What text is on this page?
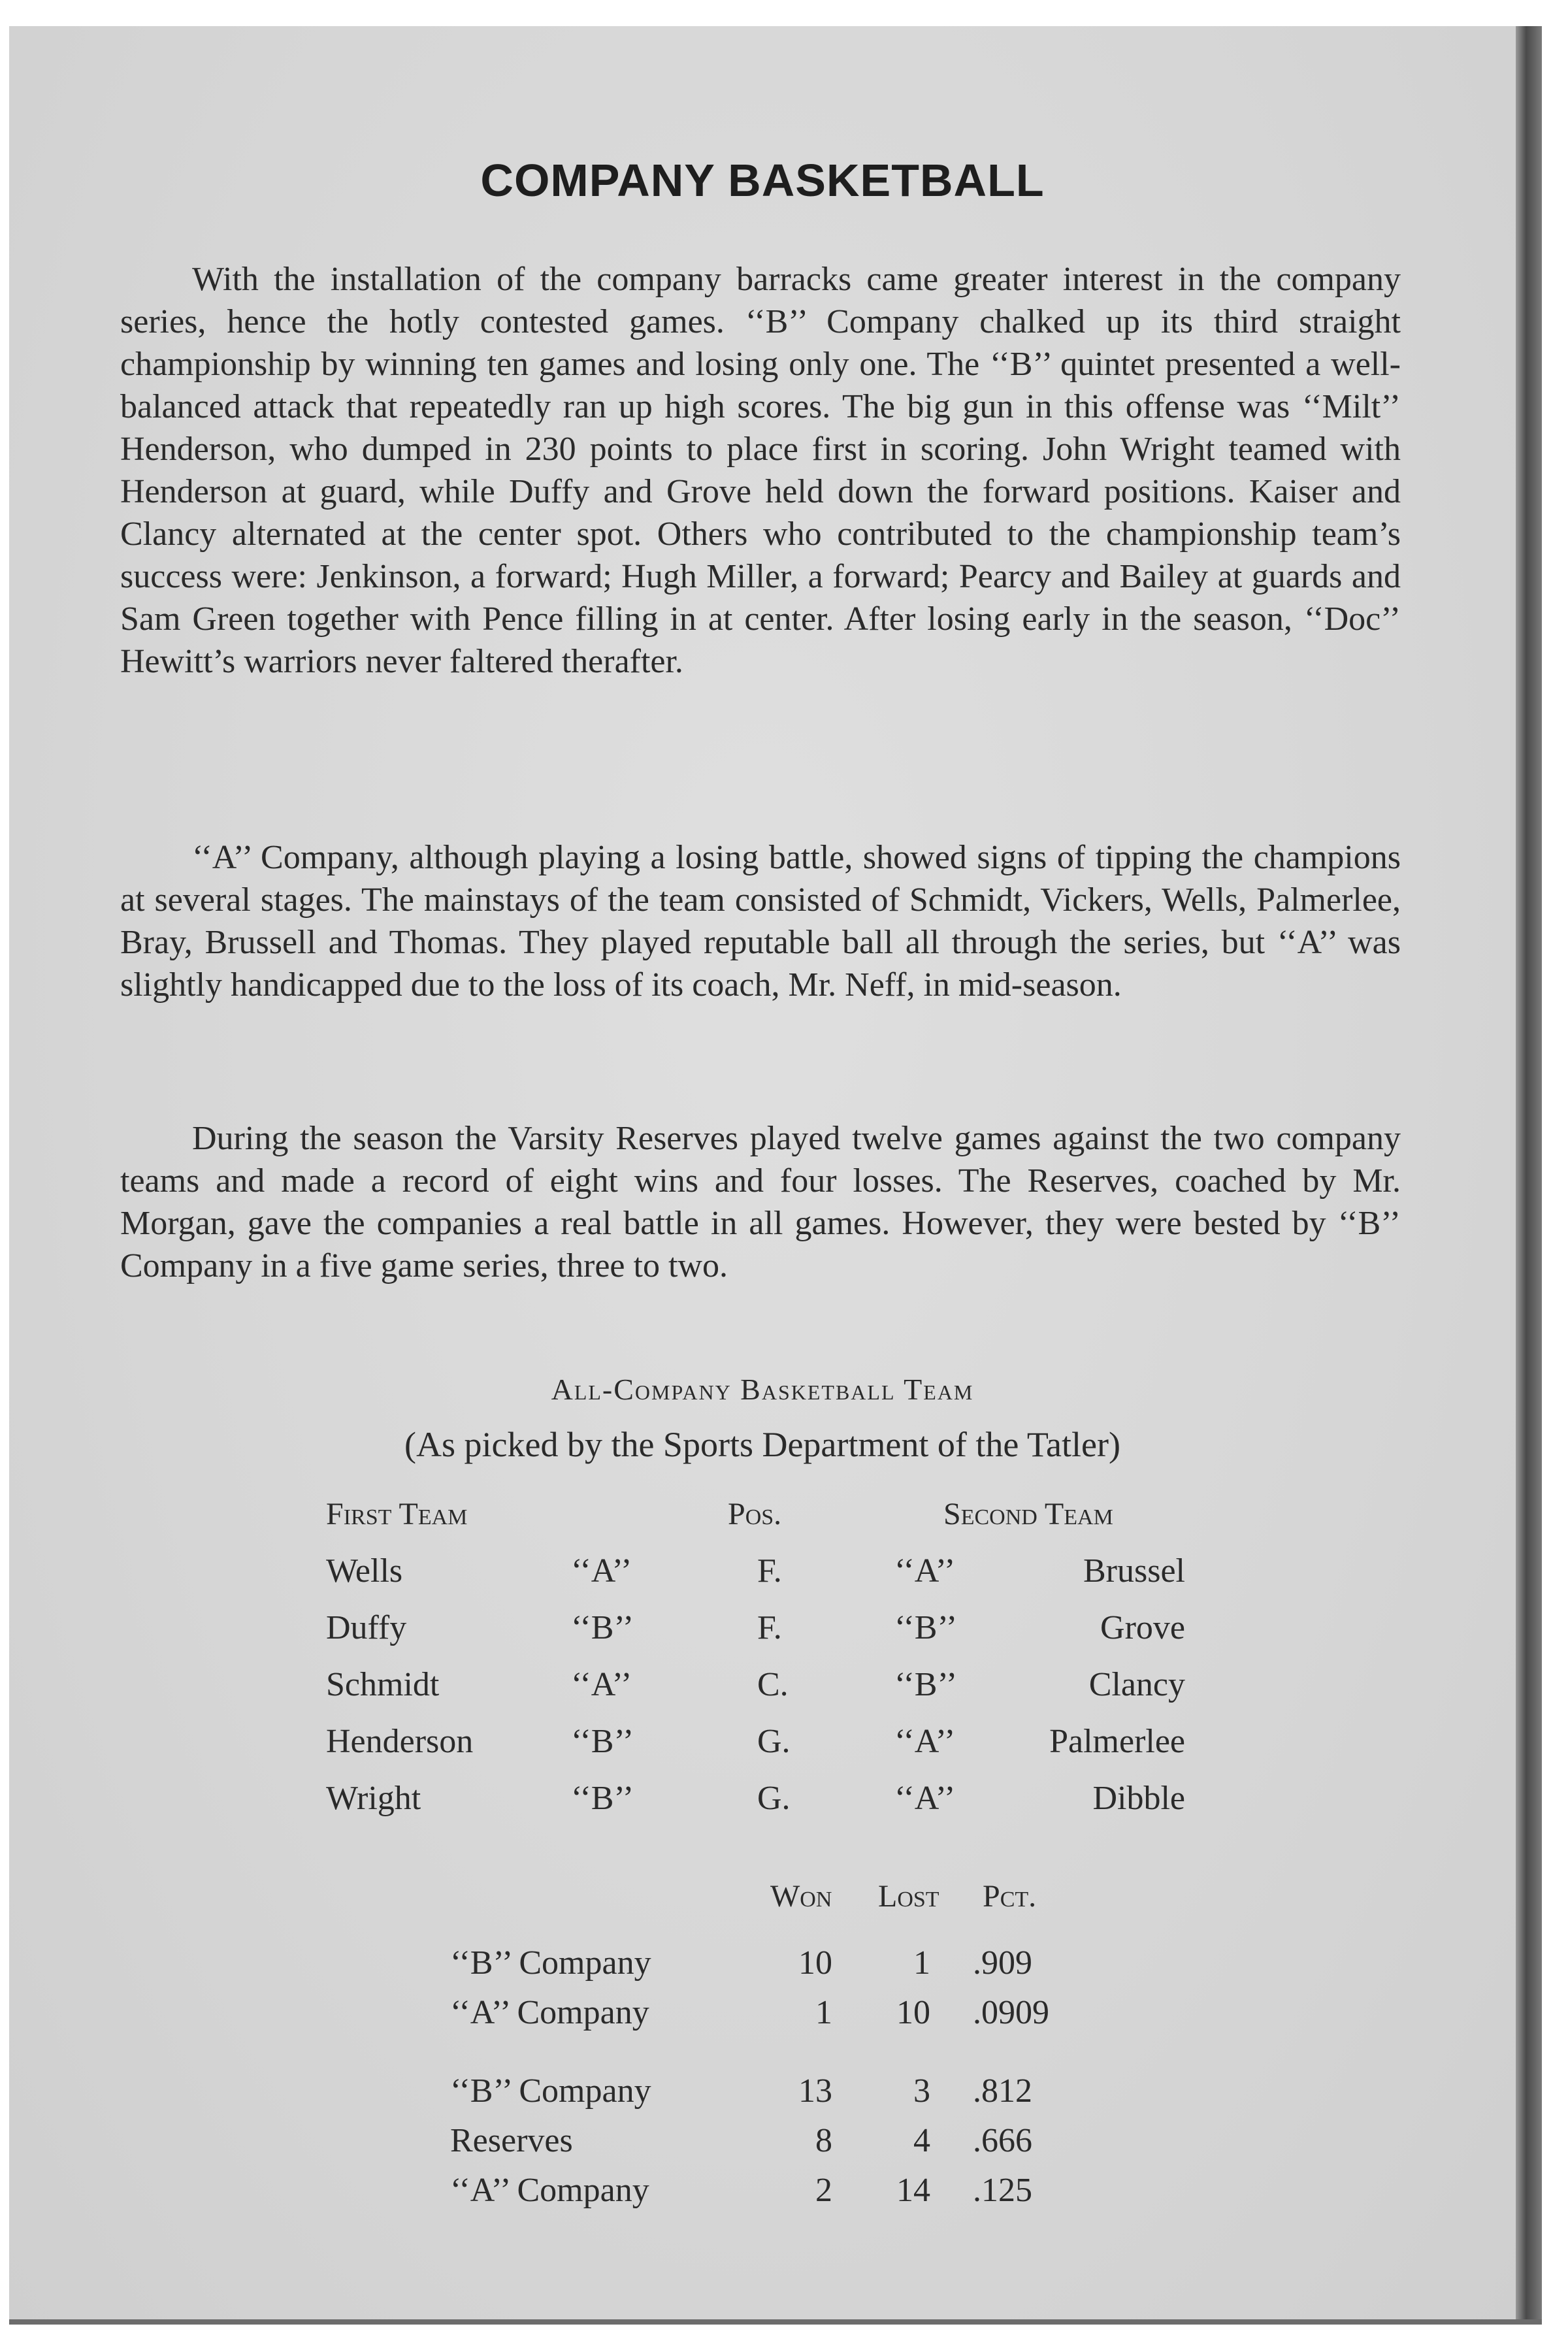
COMPANY BASKETBALL

With the installation of the company barracks came greater interest in the company series, hence the hotly contested games. ‘‘B’’ Company chalked up its third straight championship by winning ten games and losing only one. The ‘‘B’’ quintet presented a well-balanced attack that repeatedly ran up high scores. The big gun in this offense was ‘‘Milt’’ Henderson, who dumped in 230 points to place first in scoring. John Wright teamed with Henderson at guard, while Duffy and Grove held down the forward positions. Kaiser and Clancy alternated at the center spot. Others who contributed to the championship team’s success were: Jenkinson, a forward; Hugh Miller, a forward; Pearcy and Bailey at guards and Sam Green together with Pence filling in at center. After losing early in the season, ‘‘Doc’’ Hewitt’s warriors never faltered therafter.

‘‘A’’ Company, although playing a losing battle, showed signs of tipping the champions at several stages. The mainstays of the team consisted of Schmidt, Vickers, Wells, Palmerlee, Bray, Brussell and Thomas. They played reputable ball all through the series, but ‘‘A’’ was slightly handicapped due to the loss of its coach, Mr. Neff, in mid-season.

During the season the Varsity Reserves played twelve games against the two company teams and made a record of eight wins and four losses. The Reserves, coached by Mr. Morgan, gave the companies a real battle in all games. However, they were bested by ‘‘B’’ Company in a five game series, three to two.

All-Company Basketball Team
(As picked by the Sports Department of the Tatler)
First Team	Pos.	Second Team
Wells	‘‘A’’	F.	‘‘A’’	Brussel
Duffy	‘‘B’’	F.	‘‘B’’	Grove
Schmidt	‘‘A’’	C.	‘‘B’’	Clancy
Henderson	‘‘B’’	G.	‘‘A’’	Palmerlee
Wright	‘‘B’’	G.	‘‘A’’	Dibble
Won Lost Pct.
‘‘B’’ Company	10	1 .909
‘‘A’’ Company	1	10 .0909
‘‘B’’ Company	13	3 .812
Reserves	8	4 .666
‘‘A’’ Company	2	14 .125
